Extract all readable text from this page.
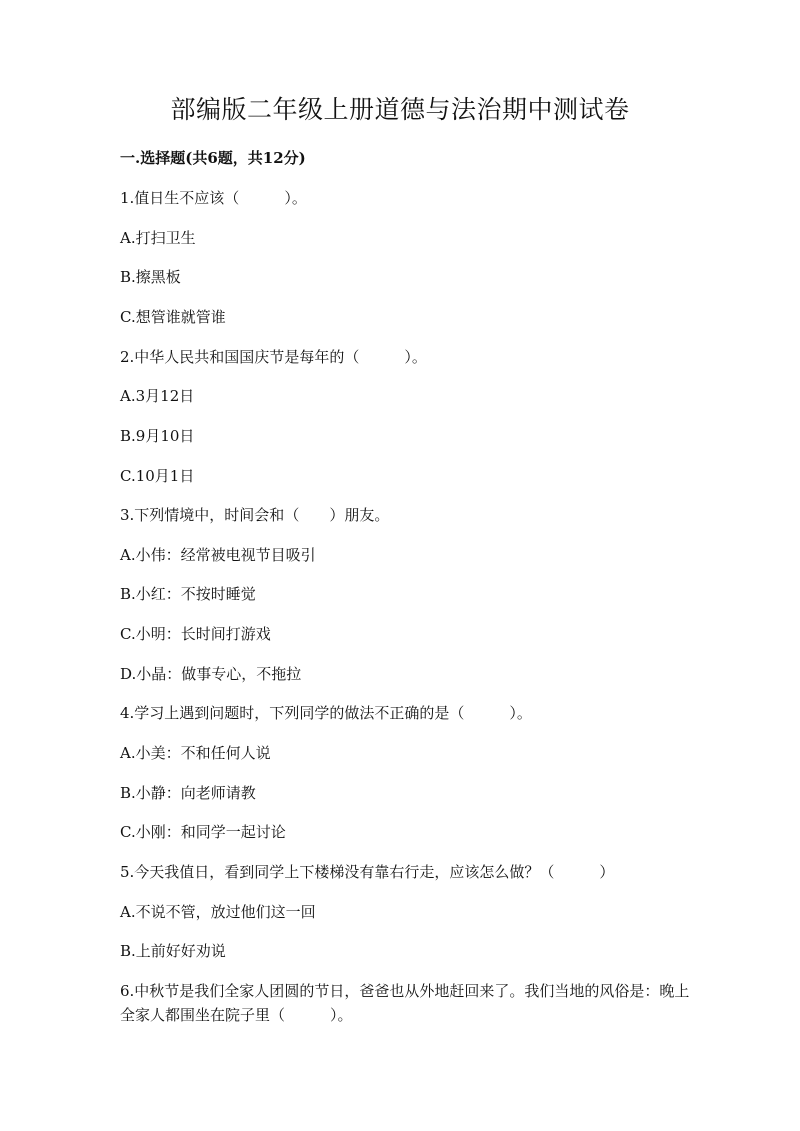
部编版二年级上册道德与法治期中测试卷

一.选择题(共6题，共12分)

1.值日生不应该（　　　）。

A.打扫卫生

B.擦黑板

C.想管谁就管谁

2.中华人民共和国国庆节是每年的（　　　）。

A.3月12日

B.9月10日

C.10月1日

3.下列情境中，时间会和（　　）朋友。

A.小伟：经常被电视节目吸引

B.小红：不按时睡觉

C.小明：长时间打游戏

D.小晶：做事专心，不拖拉

4.学习上遇到问题时，下列同学的做法不正确的是（　　　）。

A.小美：不和任何人说

B.小静：向老师请教

C.小刚：和同学一起讨论

5.今天我值日，看到同学上下楼梯没有靠右行走，应该怎么做？（　　　）

A.不说不管，放过他们这一回

B.上前好好劝说

6.中秋节是我们全家人团圆的节日，爸爸也从外地赶回来了。我们当地的风俗是：晚上全家人都围坐在院子里（　　　）。
